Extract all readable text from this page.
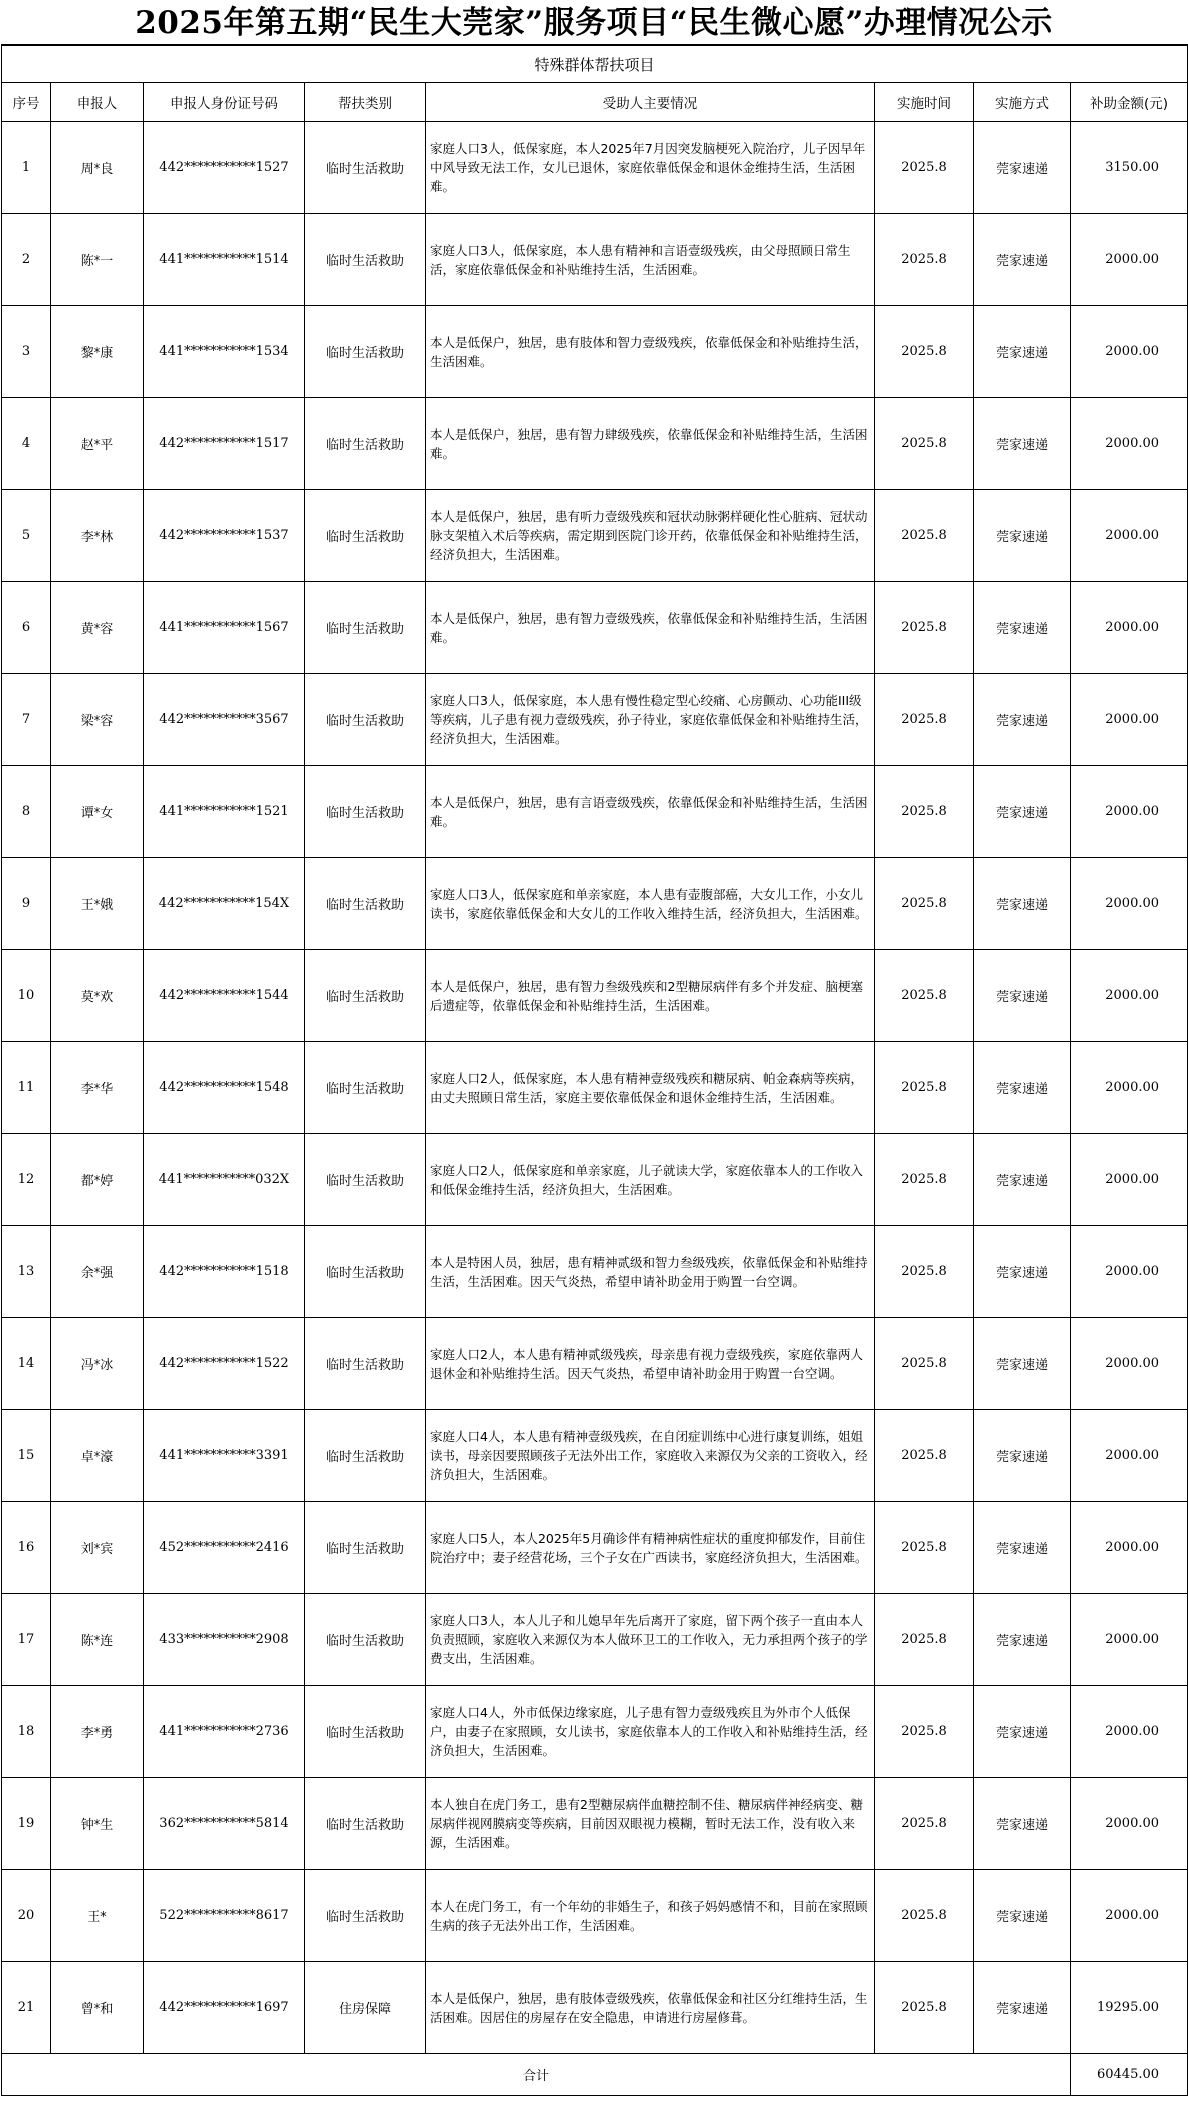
2025年第五期“民生大莞家”服务项目“民生微心愿”办理情况公示
特殊群体帮扶项目							
序号	申报人	申报人身份证号码	帮扶类别	受助人主要情况	实施时间	实施方式	补助金额(元)
1	周*良	442***********1527	临时生活救助	家庭人口3人，低保家庭，本人2025年7月因突发脑梗死入院治疗，儿子因早年中风导致无法工作，女儿已退休，家庭依靠低保金和退休金维持生活，生活困难。	2025.8	莞家速递	3150.00
2	陈*一	441***********1514	临时生活救助	家庭人口3人，低保家庭，本人患有精神和言语壹级残疾，由父母照顾日常生活，家庭依靠低保金和补贴维持生活，生活困难。	2025.8	莞家速递	2000.00
3	黎*康	441***********1534	临时生活救助	本人是低保户，独居，患有肢体和智力壹级残疾，依靠低保金和补贴维持生活，生活困难。	2025.8	莞家速递	2000.00
4	赵*平	442***********1517	临时生活救助	本人是低保户，独居，患有智力肆级残疾，依靠低保金和补贴维持生活，生活困难。	2025.8	莞家速递	2000.00
5	李*林	442***********1537	临时生活救助	本人是低保户，独居，患有听力壹级残疾和冠状动脉粥样硬化性心脏病、冠状动脉支架植入术后等疾病，需定期到医院门诊开药，依靠低保金和补贴维持生活，经济负担大，生活困难。	2025.8	莞家速递	2000.00
6	黄*容	441***********1567	临时生活救助	本人是低保户，独居，患有智力壹级残疾，依靠低保金和补贴维持生活，生活困难。	2025.8	莞家速递	2000.00
7	梁*容	442***********3567	临时生活救助	家庭人口3人，低保家庭，本人患有慢性稳定型心绞痛、心房颤动、心功能III级等疾病，儿子患有视力壹级残疾，孙子待业，家庭依靠低保金和补贴维持生活，经济负担大，生活困难。	2025.8	莞家速递	2000.00
8	谭*女	441***********1521	临时生活救助	本人是低保户，独居，患有言语壹级残疾，依靠低保金和补贴维持生活，生活困难。	2025.8	莞家速递	2000.00
9	王*娥	442***********154X	临时生活救助	家庭人口3人，低保家庭和单亲家庭，本人患有壶腹部癌，大女儿工作，小女儿读书，家庭依靠低保金和大女儿的工作收入维持生活，经济负担大，生活困难。	2025.8	莞家速递	2000.00
10	莫*欢	442***********1544	临时生活救助	本人是低保户，独居，患有智力叁级残疾和2型糖尿病伴有多个并发症、脑梗塞后遗症等，依靠低保金和补贴维持生活，生活困难。	2025.8	莞家速递	2000.00
11	李*华	442***********1548	临时生活救助	家庭人口2人，低保家庭，本人患有精神壹级残疾和糖尿病、帕金森病等疾病，由丈夫照顾日常生活，家庭主要依靠低保金和退休金维持生活，生活困难。	2025.8	莞家速递	2000.00
12	都*婷	441***********032X	临时生活救助	家庭人口2人，低保家庭和单亲家庭，儿子就读大学，家庭依靠本人的工作收入和低保金维持生活，经济负担大，生活困难。	2025.8	莞家速递	2000.00
13	余*强	442***********1518	临时生活救助	本人是特困人员，独居，患有精神贰级和智力叁级残疾，依靠低保金和补贴维持生活，生活困难。因天气炎热，希望申请补助金用于购置一台空调。	2025.8	莞家速递	2000.00
14	冯*冰	442***********1522	临时生活救助	家庭人口2人，本人患有精神贰级残疾，母亲患有视力壹级残疾，家庭依靠两人退休金和补贴维持生活。因天气炎热，希望申请补助金用于购置一台空调。	2025.8	莞家速递	2000.00
15	卓*濠	441***********3391	临时生活救助	家庭人口4人，本人患有精神壹级残疾，在自闭症训练中心进行康复训练，姐姐读书，母亲因要照顾孩子无法外出工作，家庭收入来源仅为父亲的工资收入，经济负担大，生活困难。	2025.8	莞家速递	2000.00
16	刘*宾	452***********2416	临时生活救助	家庭人口5人，本人2025年5月确诊伴有精神病性症状的重度抑郁发作，目前住院治疗中；妻子经营花场，三个子女在广西读书，家庭经济负担大，生活困难。	2025.8	莞家速递	2000.00
17	陈*连	433***********2908	临时生活救助	家庭人口3人，本人儿子和儿媳早年先后离开了家庭，留下两个孩子一直由本人负责照顾，家庭收入来源仅为本人做环卫工的工作收入，无力承担两个孩子的学费支出，生活困难。	2025.8	莞家速递	2000.00
18	李*勇	441***********2736	临时生活救助	家庭人口4人，外市低保边缘家庭，儿子患有智力壹级残疾且为外市个人低保户，由妻子在家照顾，女儿读书，家庭依靠本人的工作收入和补贴维持生活，经济负担大，生活困难。	2025.8	莞家速递	2000.00
19	钟*生	362***********5814	临时生活救助	本人独自在虎门务工，患有2型糖尿病伴血糖控制不佳、糖尿病伴神经病变、糖尿病伴视网膜病变等疾病，目前因双眼视力模糊，暂时无法工作，没有收入来源，生活困难。	2025.8	莞家速递	2000.00
20	王*	522***********8617	临时生活救助	本人在虎门务工，有一个年幼的非婚生子，和孩子妈妈感情不和，目前在家照顾生病的孩子无法外出工作，生活困难。	2025.8	莞家速递	2000.00
21	曾*和	442***********1697	住房保障	本人是低保户，独居，患有肢体壹级残疾，依靠低保金和社区分红维持生活，生活困难。因居住的房屋存在安全隐患，申请进行房屋修葺。	2025.8	莞家速递	19295.00
合计							60445.00
